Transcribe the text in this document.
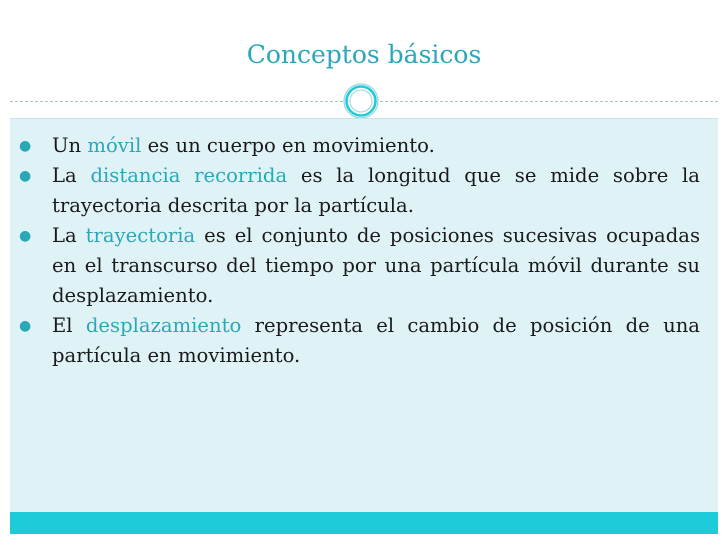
Conceptos básicos
● Un móvil es un cuerpo en movimiento.
● La distancia recorrida es la longitud que se mide sobre la trayectoria descrita por la partícula.
● La trayectoria es el conjunto de posiciones sucesivas ocupadas en el transcurso del tiempo por una partícula móvil durante su desplazamiento.
● El desplazamiento representa el cambio de posición de una partícula en movimiento.
